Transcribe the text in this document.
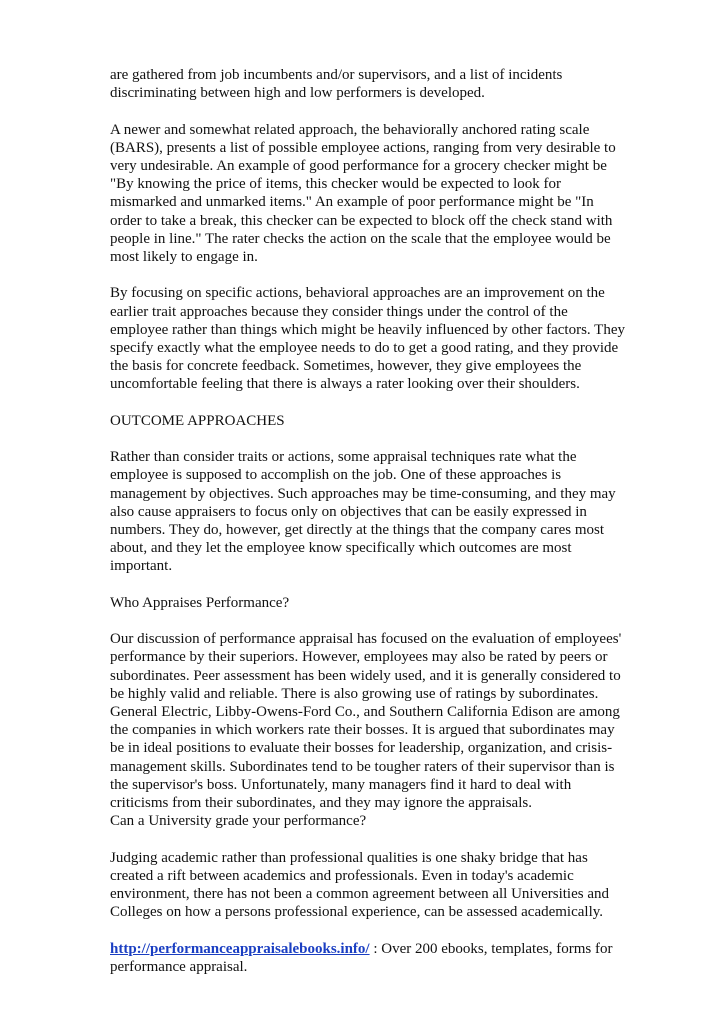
are gathered from job incumbents and/or supervisors, and a list of incidents
discriminating between high and low performers is developed.

A newer and somewhat related approach, the behaviorally anchored rating scale
(BARS), presents a list of possible employee actions, ranging from very desirable to
very undesirable. An example of good performance for a grocery checker might be
"By knowing the price of items, this checker would be expected to look for
mismarked and unmarked items." An example of poor performance might be "In
order to take a break, this checker can be expected to block off the check stand with
people in line." The rater checks the action on the scale that the employee would be
most likely to engage in.

By focusing on specific actions, behavioral approaches are an improvement on the
earlier trait approaches because they consider things under the control of the
employee rather than things which might be heavily influenced by other factors. They
specify exactly what the employee needs to do to get a good rating, and they provide
the basis for concrete feedback. Sometimes, however, they give employees the
uncomfortable feeling that there is always a rater looking over their shoulders.

OUTCOME APPROACHES

Rather than consider traits or actions, some appraisal techniques rate what the
employee is supposed to accomplish on the job. One of these approaches is
management by objectives. Such approaches may be time-consuming, and they may
also cause appraisers to focus only on objectives that can be easily expressed in
numbers. They do, however, get directly at the things that the company cares most
about, and they let the employee know specifically which outcomes are most
important.

Who Appraises Performance?

Our discussion of performance appraisal has focused on the evaluation of employees'
performance by their superiors. However, employees may also be rated by peers or
subordinates. Peer assessment has been widely used, and it is generally considered to
be highly valid and reliable. There is also growing use of ratings by subordinates.
General Electric, Libby-Owens-Ford Co., and Southern California Edison are among
the companies in which workers rate their bosses. It is argued that subordinates may
be in ideal positions to evaluate their bosses for leadership, organization, and crisis-
management skills. Subordinates tend to be tougher raters of their supervisor than is
the supervisor's boss. Unfortunately, many managers find it hard to deal with
criticisms from their subordinates, and they may ignore the appraisals.

Can a University grade your performance?

Judging academic rather than professional qualities is one shaky bridge that has
created a rift between academics and professionals. Even in today's academic
environment, there has not been a common agreement between all Universities and
Colleges on how a persons professional experience, can be assessed academically.

http://performanceappraisalebooks.info/ : Over 200 ebooks, templates, forms for
performance appraisal.
